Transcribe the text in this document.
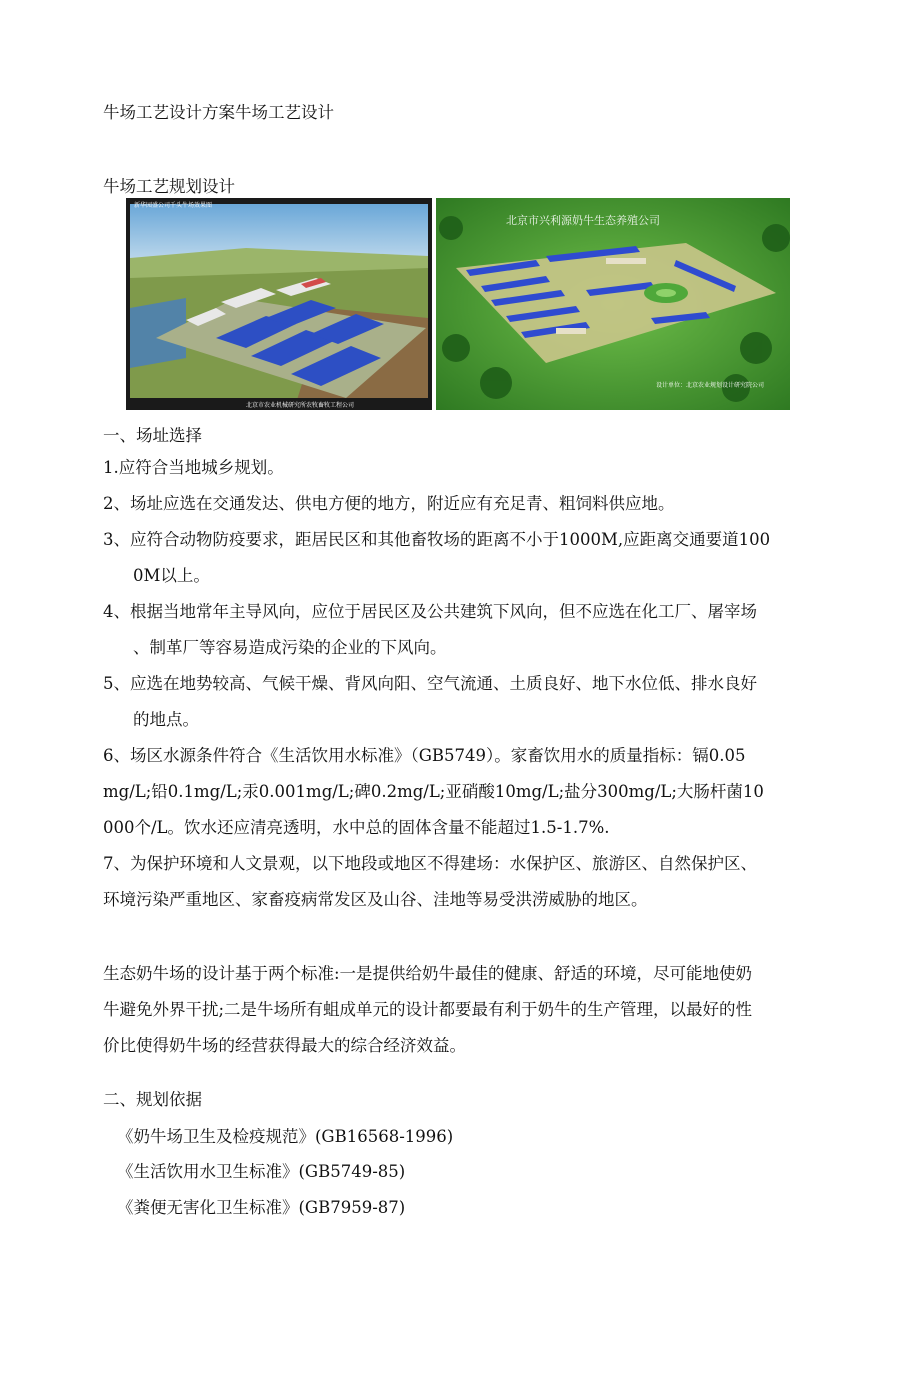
牛场工艺设计方案牛场工艺设计
牛场工艺规划设计
新华园盛公司千头牛场效果图
北京市农业机械研究所农牧畜牧工程公司
北京市兴利源奶牛生态养殖公司
设计单位：北京农业规划设计研究院公司
一、场址选择
1.应符合当地城乡规划。
2、场址应选在交通发达、供电方便的地方，附近应有充足青、粗饲料供应地。
3、应符合动物防疫要求，距居民区和其他畜牧场的距离不小于1000M,应距离交通要道100
0M以上。
4、根据当地常年主导风向，应位于居民区及公共建筑下风向，但不应选在化工厂、屠宰场
、制革厂等容易造成污染的企业的下风向。
5、应选在地势较高、气候干燥、背风向阳、空气流通、土质良好、地下水位低、排水良好
的地点。
6、场区水源条件符合《生活饮用水标准》（GB5749）。家畜饮用水的质量指标：镉0.05
mg/L;铅0.1mg/L;汞0.001mg/L;碑0.2mg/L;亚硝酸10mg/L;盐分300mg/L;大肠杆菌10
000个/L。饮水还应清亮透明，水中总的固体含量不能超过1.5-1.7%.
7、为保护环境和人文景观，以下地段或地区不得建场：水保护区、旅游区、自然保护区、
环境污染严重地区、家畜疫病常发区及山谷、洼地等易受洪涝威胁的地区。
生态奶牛场的设计基于两个标准:一是提供给奶牛最佳的健康、舒适的环境，尽可能地使奶
牛避免外界干扰;二是牛场所有蛆成单元的设计都要最有利于奶牛的生产管理，以最好的性
价比使得奶牛场的经营获得最大的综合经济效益。
二、规划依据
《奶牛场卫生及检疫规范》(GB16568-1996)
《生活饮用水卫生标准》(GB5749-85)
《粪便无害化卫生标准》(GB7959-87)
